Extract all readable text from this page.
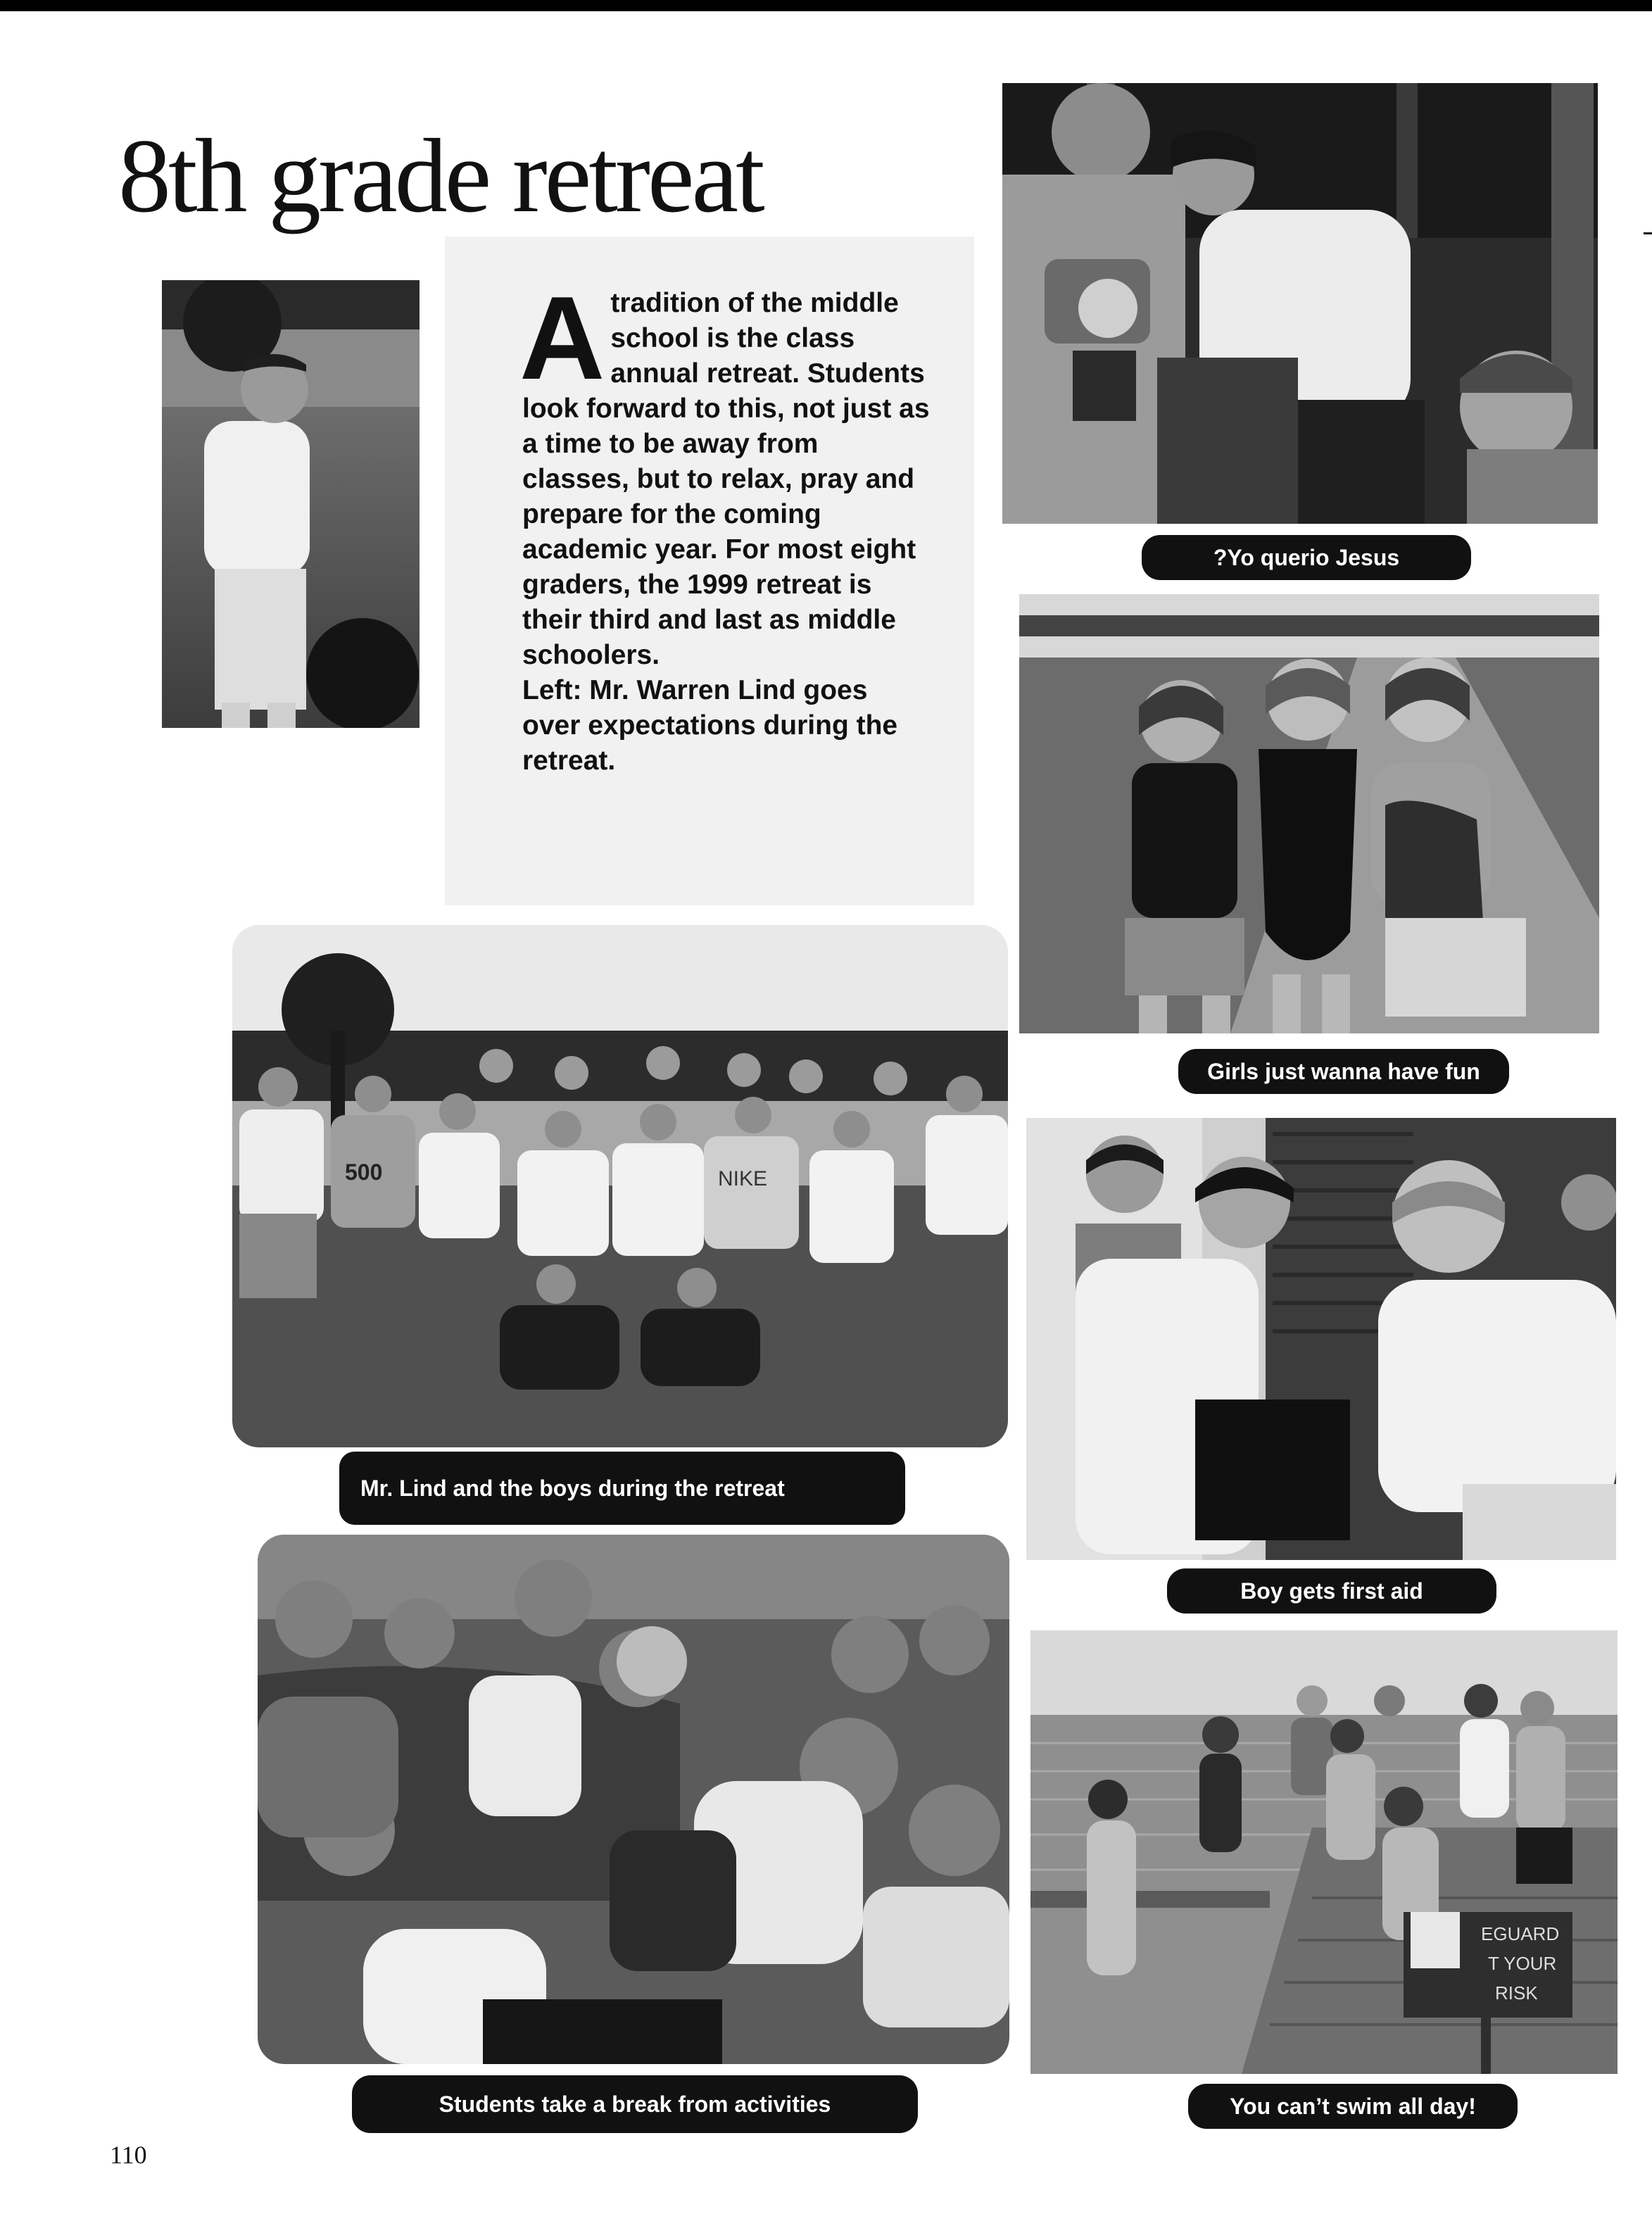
8th grade retreat
A tradition of the middle school is the class annual retreat. Students look forward to this, not just as a time to be away from classes, but to relax, pray and prepare for the coming academic year. For most eight graders, the 1999 retreat is their third and last as middle schoolers.

Left: Mr. Warren Lind goes over expectations during the retreat.

?Yo querio Jesus
Girls just wanna have fun
500	NIKE
Mr. Lind and the boys during the retreat
Boy gets first aid
Students take a break from activities
EGUARD
T YOUR
RISK
You can’t swim all day!
110
